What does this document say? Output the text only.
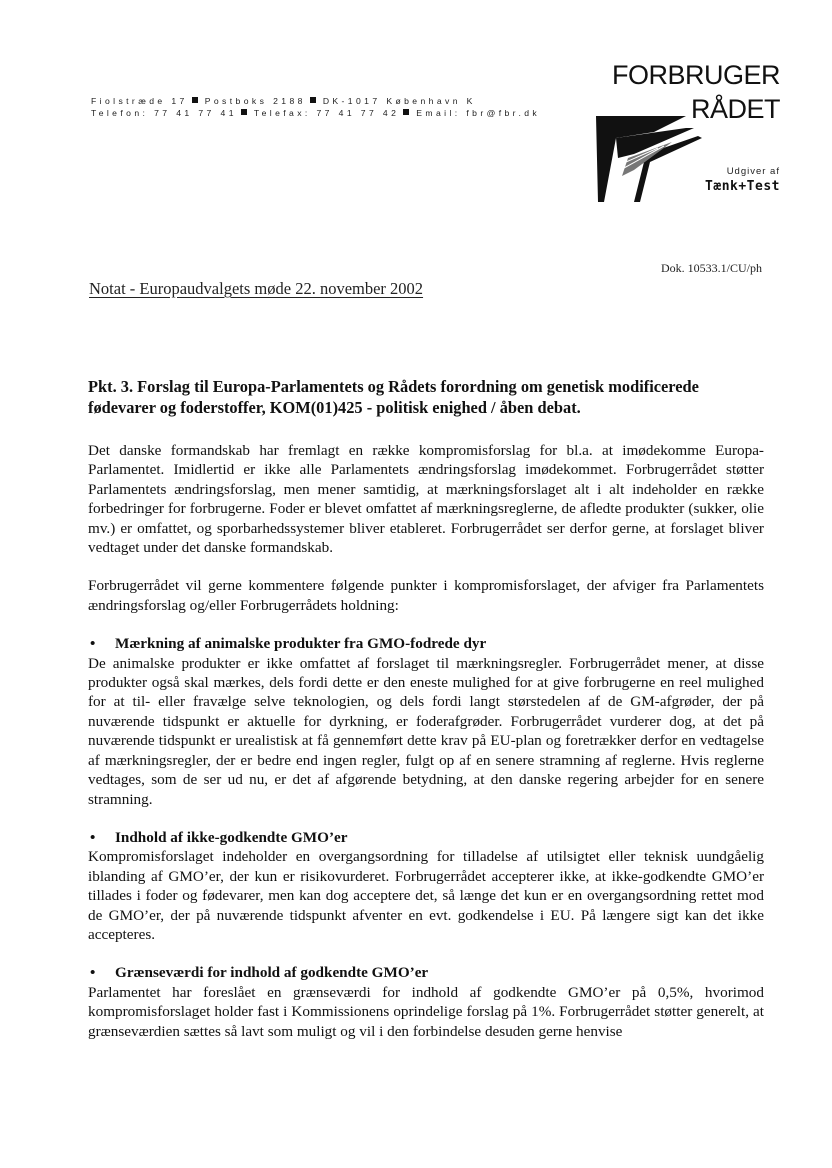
Fiolstræde 17 Postboks 2188 DK-1017 København K
Telefon: 77 41 77 41 Telefax: 77 41 77 42 Email: fbr@fbr.dk
FORBRUGER
RÅDET
Udgiver af
Tænk+Test
Dok. 10533.1/CU/ph
Notat - Europaudvalgets møde 22. november 2002

Pkt. 3. Forslag til Europa-Parlamentets og Rådets forordning om genetisk modificerede fødevarer og foderstoffer, KOM(01)425 - politisk enighed / åben debat.

Det danske formandskab har fremlagt en række kompromisforslag for bl.a. at imødekomme Europa-Parlamentet. Imidlertid er ikke alle Parlamentets ændringsforslag imødekommet. Forbrugerrådet støtter Parlamentets ændringsforslag, men mener samtidig, at mærkningsforslaget alt i alt indeholder en række forbedringer for forbrugerne. Foder er blevet omfattet af mærkningsreglerne, de afledte produkter (sukker, olie mv.) er omfattet, og sporbarhedssystemer bliver etableret. Forbrugerrådet ser derfor gerne, at forslaget bliver vedtaget under det danske formandskab.

Forbrugerrådet vil gerne kommentere følgende punkter i kompromisforslaget, der afviger fra Parlamentets ændringsforslag og/eller Forbrugerrådets holdning:

• Mærkning af animalske produkter fra GMO-fodrede dyr

De animalske produkter er ikke omfattet af forslaget til mærkningsregler. Forbrugerrådet mener, at disse produkter også skal mærkes, dels fordi dette er den eneste mulighed for at give forbrugerne en reel mulighed for at til- eller fravælge selve teknologien, og dels fordi langt størstedelen af de GM-afgrøder, der på nuværende tidspunkt er aktuelle for dyrkning, er foderafgrøder. Forbrugerrådet vurderer dog, at det på nuværende tidspunkt er urealistisk at få gennemført dette krav på EU-plan og foretrækker derfor en vedtagelse af mærkningsregler, der er bedre end ingen regler, fulgt op af en senere stramning af reglerne. Hvis reglerne vedtages, som de ser ud nu, er det af afgørende betydning, at den danske regering arbejder for en senere stramning.

• Indhold af ikke-godkendte GMO’er

Kompromisforslaget indeholder en overgangsordning for tilladelse af utilsigtet eller teknisk uundgåelig iblanding af GMO’er, der kun er risikovurderet. Forbrugerrådet accepterer ikke, at ikke-godkendte GMO’er tillades i foder og fødevarer, men kan dog acceptere det, så længe det kun er en overgangsordning rettet mod de GMO’er, der på nuværende tidspunkt afventer en evt. godkendelse i EU. På længere sigt kan det ikke accepteres.

• Grænseværdi for indhold af godkendte GMO’er

Parlamentet har foreslået en grænseværdi for indhold af godkendte GMO’er på 0,5%, hvorimod kompromisforslaget holder fast i Kommissionens oprindelige forslag på 1%. Forbrugerrådet støtter generelt, at grænseværdien sættes så lavt som muligt og vil i den forbindelse desuden gerne henvise
